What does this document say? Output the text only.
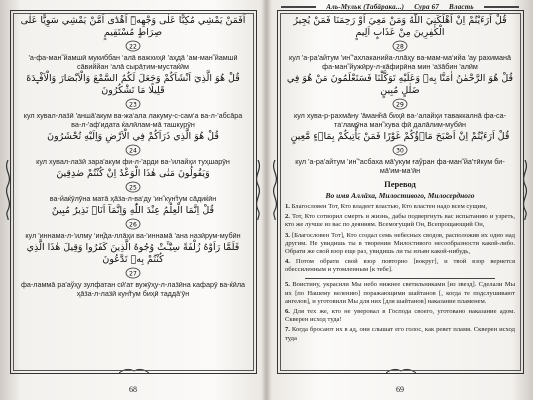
اَفَمَنْ يَمْشِي مُكِبًّا عَلٰى وَجْهِهٖٓ اَهْدٰٓى اَمَّنْ يَمْشِي سَوِيًّا عَلٰى صِرَاطٍ مُسْتَقِيمٍ
22
'а-фа-ман̃ йамшӣ мукиббан ‘алā важхиҳӣ ’аҳдā ’ам-ман̃ йамшӣ сāвиййан ‘алā сырāт̣им-мустаќӣм
قُلْ هُوَ الَّذِيٓ اَنْشَاَكُمْ وَجَعَلَ لَكُمُ السَّمْعَ وَالْاَبْصَارَ وَالْاَفْـِٕدَةَ قَلِيلًا مَا تَشْكُرُونَ
23
кул хувал-лаӟӣ 'аншā'акум ва-жа‘ала лакуму-с-сам‘а ва-л-'абсāра ва-л-'аф'идата ќалӣлам-мā ташкурӯн
قُلْ هُوَ الَّذِي ذَرَاَكُمْ فِي الْاَرْضِ وَاِلَيْهِ تُحْشَرُونَ
24
кул хувал-лаӟӣ зара'акум фи-л-'арди ва-'илайҳи туҳшарӯн
وَيَقُولُونَ مَتٰى هٰذَا الْوَعْدُ اِنْ كُنْتُمْ صٰدِقِينَ
25
ва-йаќӯлӯна матā ҳāӟа-л-ва‘ду 'ин̃ кун̃тум сāдиќӣн
قُلْ اِنَّمَا الْعِلْمُ عِنْدَ اللّٰهِ وَاِنَّمَآ اَنَا۠ نَذِيرٌ مُبِينٌ
26
кул 'иннама-л-‘илму ‘ин̃да-ллāҳи ва-'иннамā 'ана назӣрум-мубӣн
فَلَمَّا رَاَوْهُ زُلْفَةً سِيْٓـَٔتْ وُجُوهُ الَّذِينَ كَفَرُوا وَقِيلَ هٰذَا الَّذِي كُنْتُمْ بِهٖ تَدَّعُونَ
27
фа-ламмā ра'аўҳу зулфатан сӣ'ат вужӯҳу-л-лаӟӣна кафарӯ ва-ќӣла ҳāӟа-л-лаӟӣ кун̃тум биҳӣ таддā‘ӯн
68
Аль-Мульк (Табāрака...) Сура 67 Власть
قُلْ اَرَءَيْتُمْ اِنْ اَهْلَكَنِيَ اللّٰهُ وَمَنْ مَعِيَ اَوْ رَحِمَنَا فَمَنْ يُجِيرُ الْكٰفِرِينَ مِنْ عَذَابٍ اَلِيمٍ
28
кул 'а-ра'айтум 'ин̃ 'ахлаканийа-ллāҳу ва-мам-ма‘ийа 'ау рахиманā фа-ман̃ йужӣру-л-кāфирӣна мин ‘аӟāбин 'алӣм
قُلْ هُوَ الرَّحْمٰنُ اٰمَنَّا بِهٖ وَعَلَيْهِ تَوَكَّلْنَا فَسَتَعْلَمُونَ مَنْ هُوَ فِي ضَلٰلٍ مُبِينٍ
29
кул хува-р-рахмāну 'āман̃нā биҳӣ ва-‘алайҳи таваккалнā фа-са-та‘ламӯна ман̃ хува фӣ д̣алāлим-мубӣн
قُلْ اَرَءَيْتُمْ اِنْ اَصْبَحَ مَاۤؤُكُمْ غَوْرًا فَمَنْ يَأْتِيكُمْ بِمَاۤءٍ مَّعِينٍ
30
кул 'а-ра'айтум 'ин̃ 'асбаха мā'укум ғаўран фа-ман̃ йа'тӣкум би-мā'им-ма‘ӣн
Перевод
Во имя Аллāха, Милостивого, Милосердного
1. Благословен Тот, Кто владеет властью, Кто властен надо всем сущим,
2. Тот, Кто сотворил смерть и жизнь, дабы подвергнуть вас испытанию и узреть, кто же лучше из вас по деяниям. Всемогущий Он, Всепрощающий Он,
3. [Благословен Тот], Кто создал семь небесных сводов, расположив их одно над другим. Не увидишь ты в творении Милостивого несообразности какой-либо. Обрати же свой взор еще раз, увидишь ли ты изъян какой-нибудь,
4. Потом обрати свой взор повторно [вокруг], и твой взор вернется обессиленным и утомленным [к тебе].
5. Воистину, украсили Мы небо нижнее светильниками [из звезд]. Сделали Мы их [по Нашему велению] поражающими шайтанов [, когда те подслушивают ангелов], и уготовили Мы для них [для шайтанов] наказание пламенем.
6. Для тех же, кто не уверовал в Господа своего, уготовано наказание адом. Скверен исход туда!
7. Когда бросают их в ад, они слышат его голос, как ревет пламя. Скверен исход туда
69
